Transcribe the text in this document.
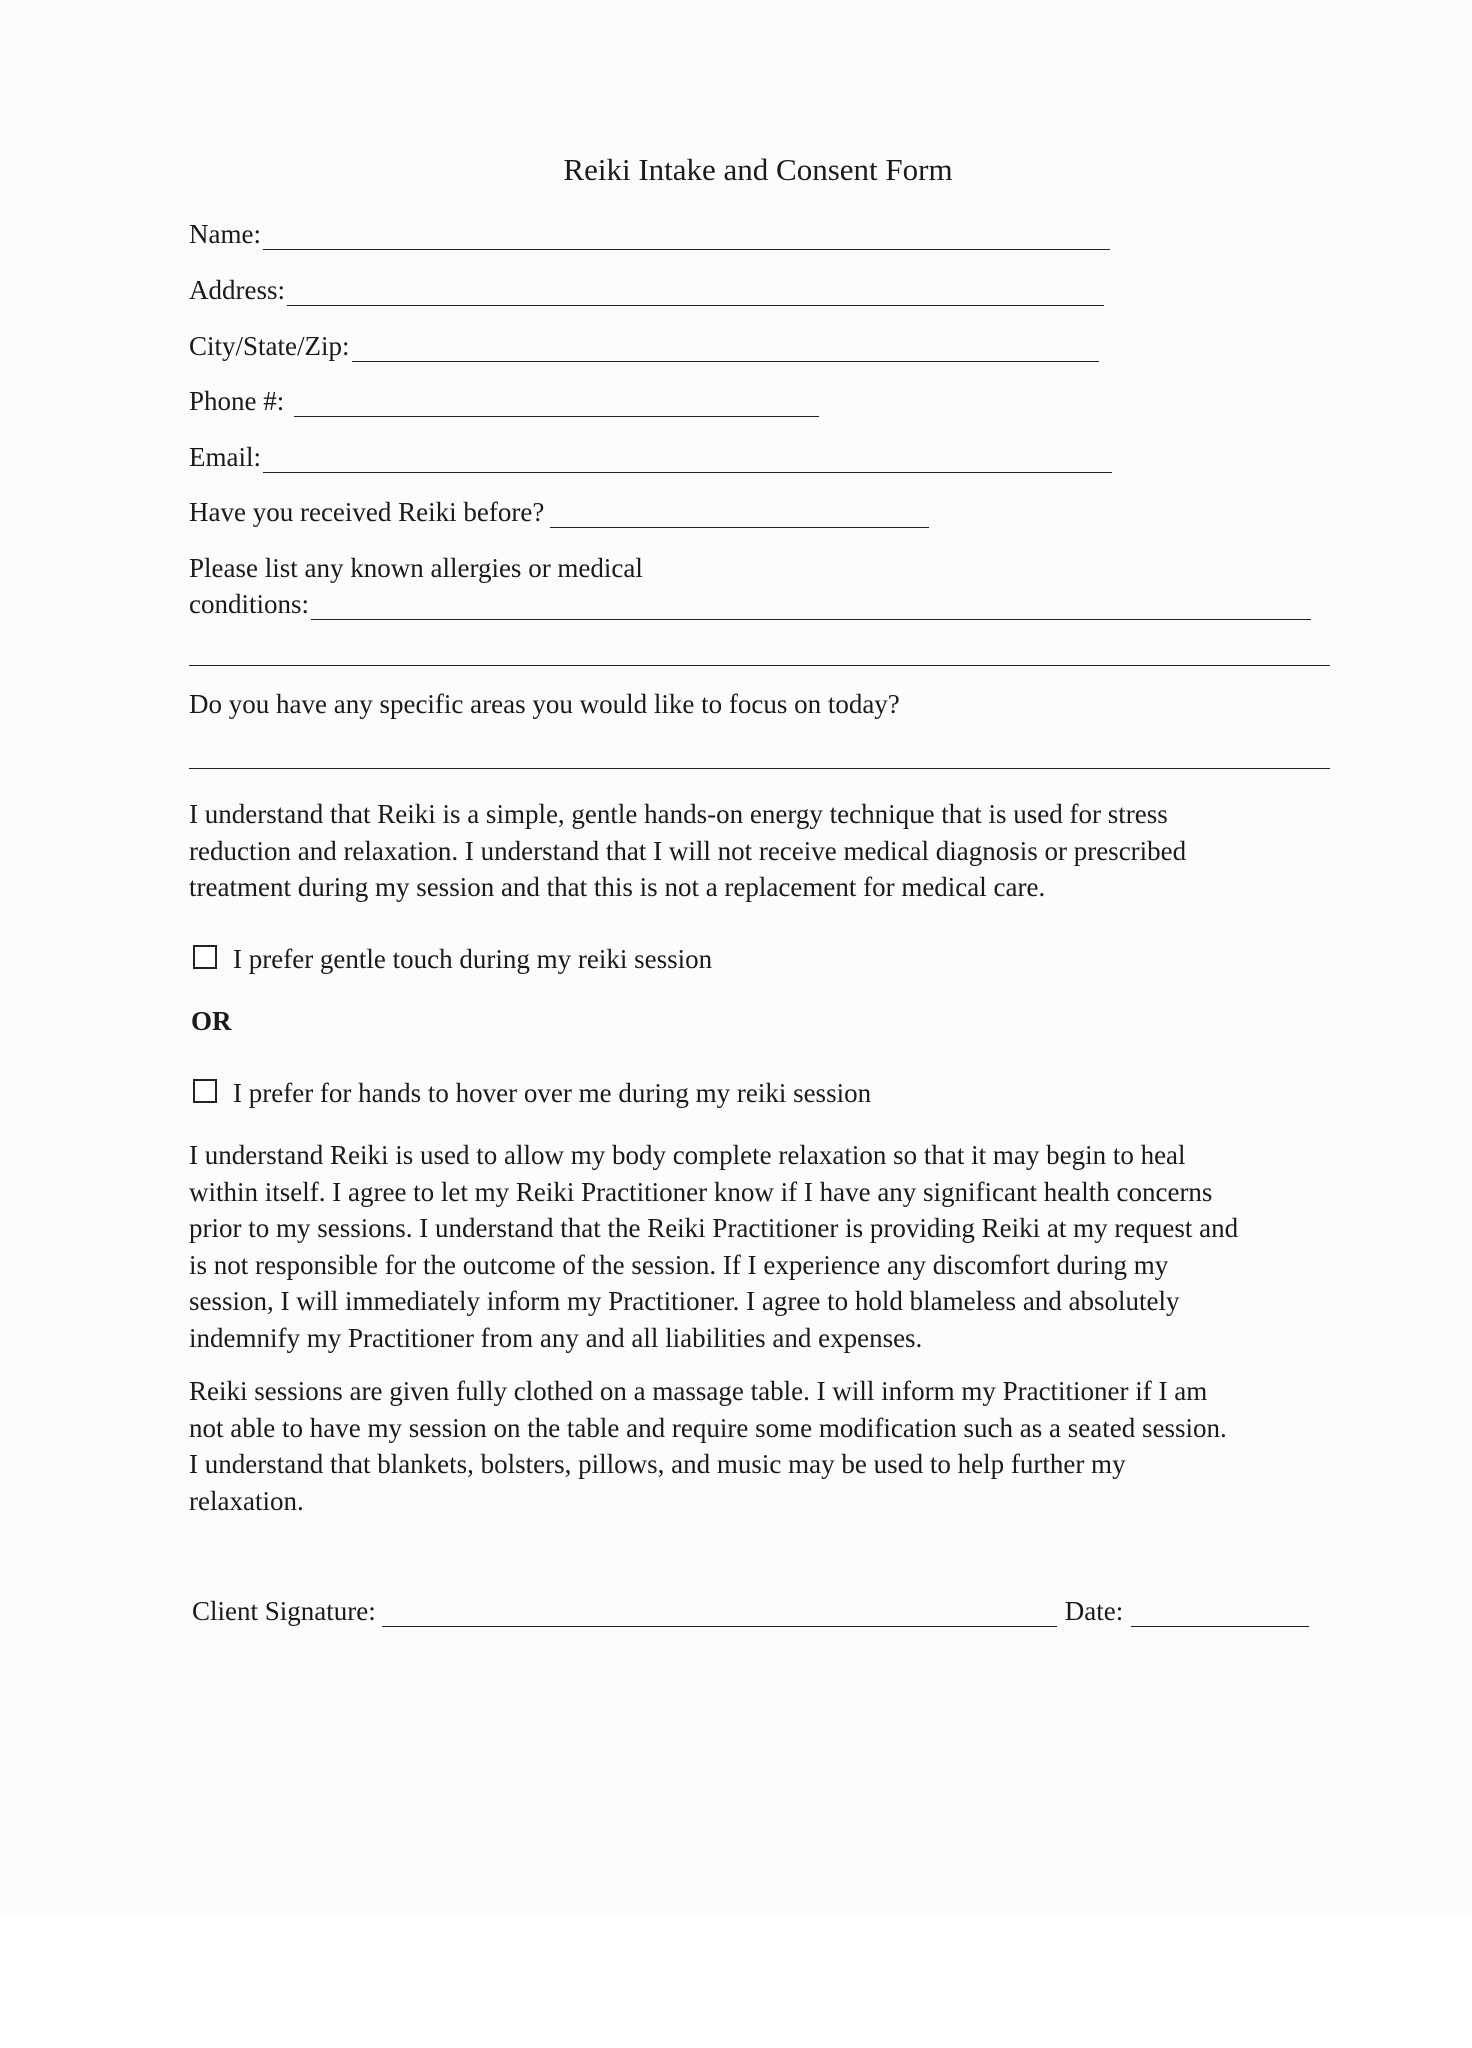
Reiki Intake and Consent Form
Name:
Address:
City/State/Zip:
Phone #:
Email:
Have you received Reiki before?
Please list any known allergies or medical
conditions:
Do you have any specific areas you would like to focus on today?
I understand that Reiki is a simple, gentle hands-on energy technique that is used for stress
reduction and relaxation. I understand that I will not receive medical diagnosis or prescribed
treatment during my session and that this is not a replacement for medical care.
I prefer gentle touch during my reiki session
OR
I prefer for hands to hover over me during my reiki session
I understand Reiki is used to allow my body complete relaxation so that it may begin to heal
within itself. I agree to let my Reiki Practitioner know if I have any significant health concerns
prior to my sessions. I understand that the Reiki Practitioner is providing Reiki at my request and
is not responsible for the outcome of the session. If I experience any discomfort during my
session, I will immediately inform my Practitioner. I agree to hold blameless and absolutely
indemnify my Practitioner from any and all liabilities and expenses.
Reiki sessions are given fully clothed on a massage table. I will inform my Practitioner if I am
not able to have my session on the table and require some modification such as a seated session.
I understand that blankets, bolsters, pillows, and music may be used to help further my
relaxation.
Client Signature:	Date:
